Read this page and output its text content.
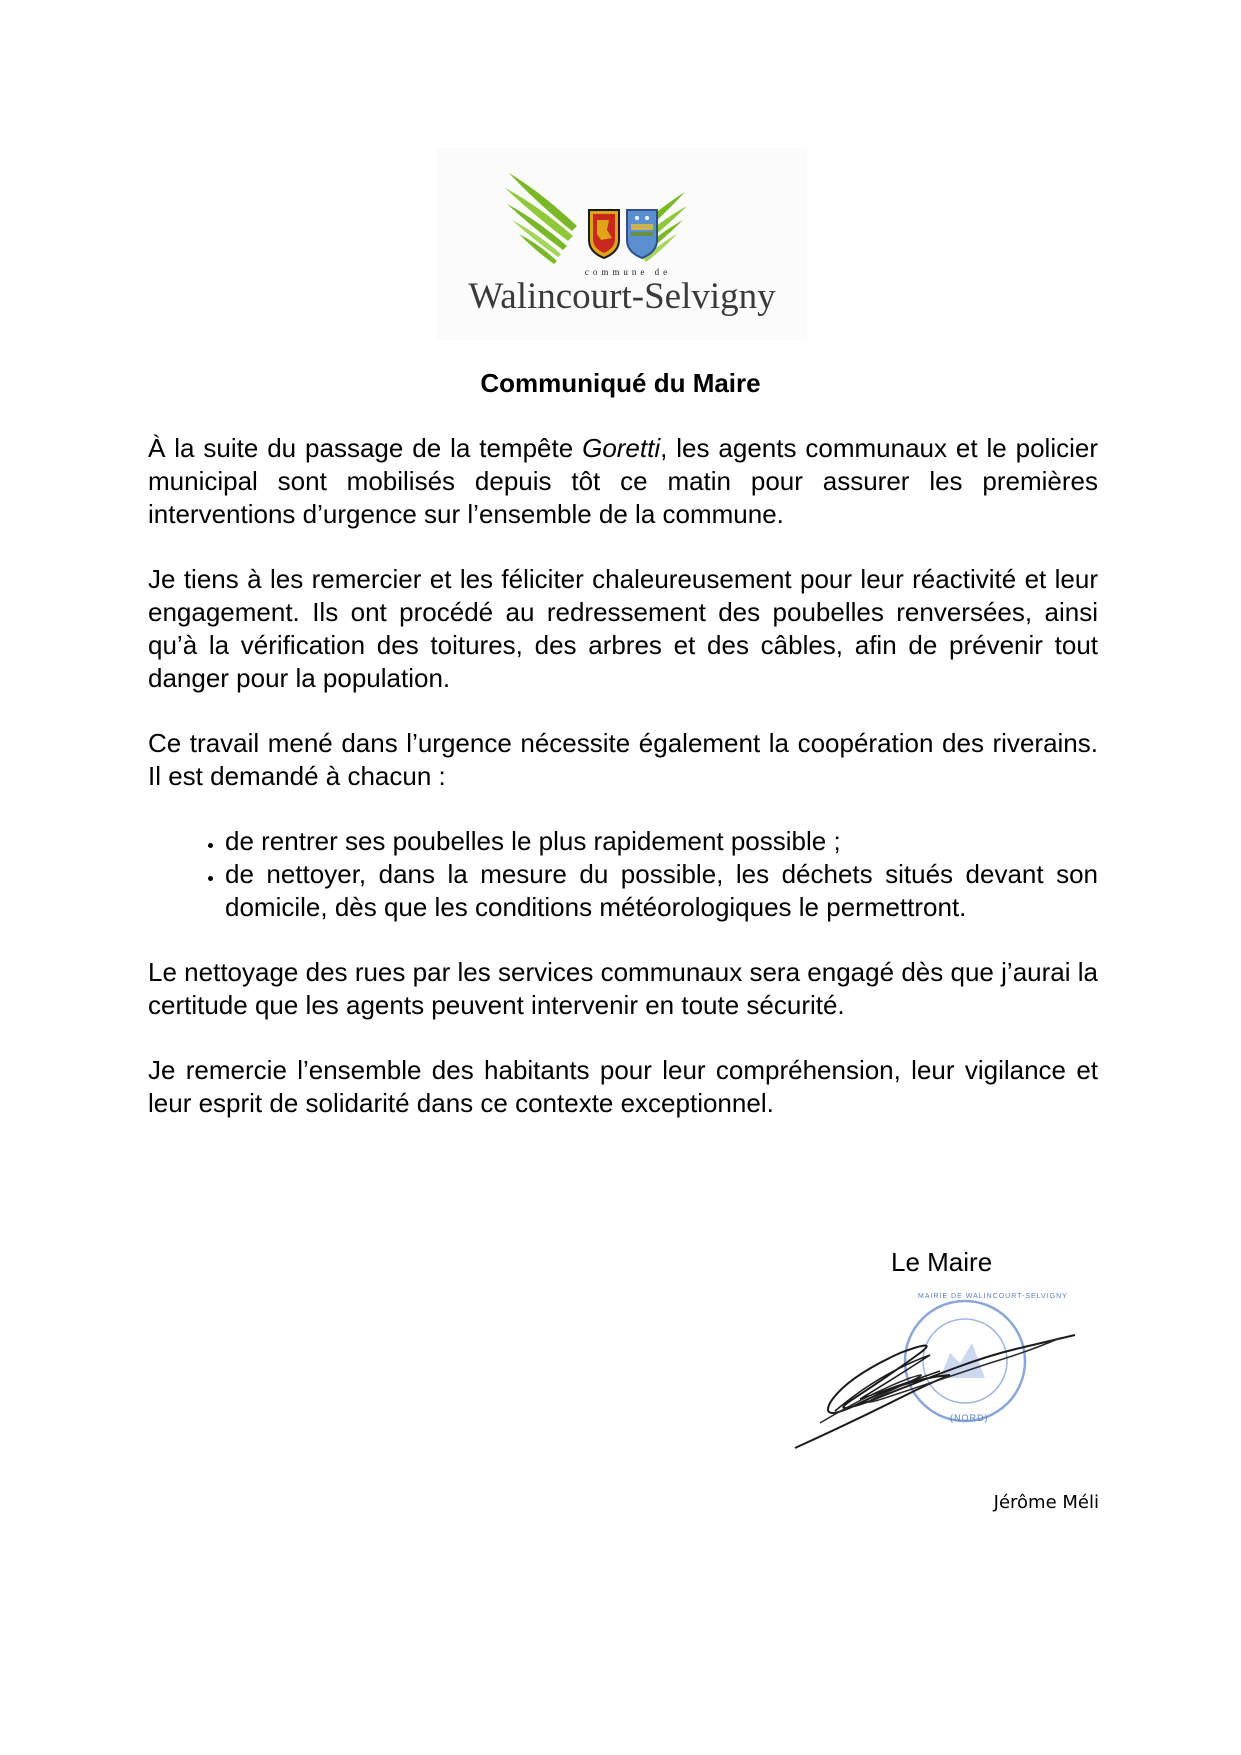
commune de
Walincourt-Selvigny
Communiqué du Maire

À la suite du passage de la tempête Goretti, les agents communaux et le policier municipal sont mobilisés depuis tôt ce matin pour assurer les premières interventions d’urgence sur l’ensemble de la commune.

Je tiens à les remercier et les féliciter chaleureusement pour leur réactivité et leur engagement. Ils ont procédé au redressement des poubelles renversées, ainsi qu’à la vérification des toitures, des arbres et des câbles, afin de prévenir tout danger pour la population.

Ce travail mené dans l’urgence nécessite également la coopération des riverains. Il est demandé à chacun :

• de rentrer ses poubelles le plus rapidement possible ;
• de nettoyer, dans la mesure du possible, les déchets situés devant son domicile, dès que les conditions météorologiques le permettront.

Le nettoyage des rues par les services communaux sera engagé dès que j’aurai la certitude que les agents peuvent intervenir en toute sécurité.

Je remercie l’ensemble des habitants pour leur compréhension, leur vigilance et leur esprit de solidarité dans ce contexte exceptionnel.

Le Maire
MAIRIE DE WALINCOURT-SELVIGNY
(NORD)
Jérôme Méli
